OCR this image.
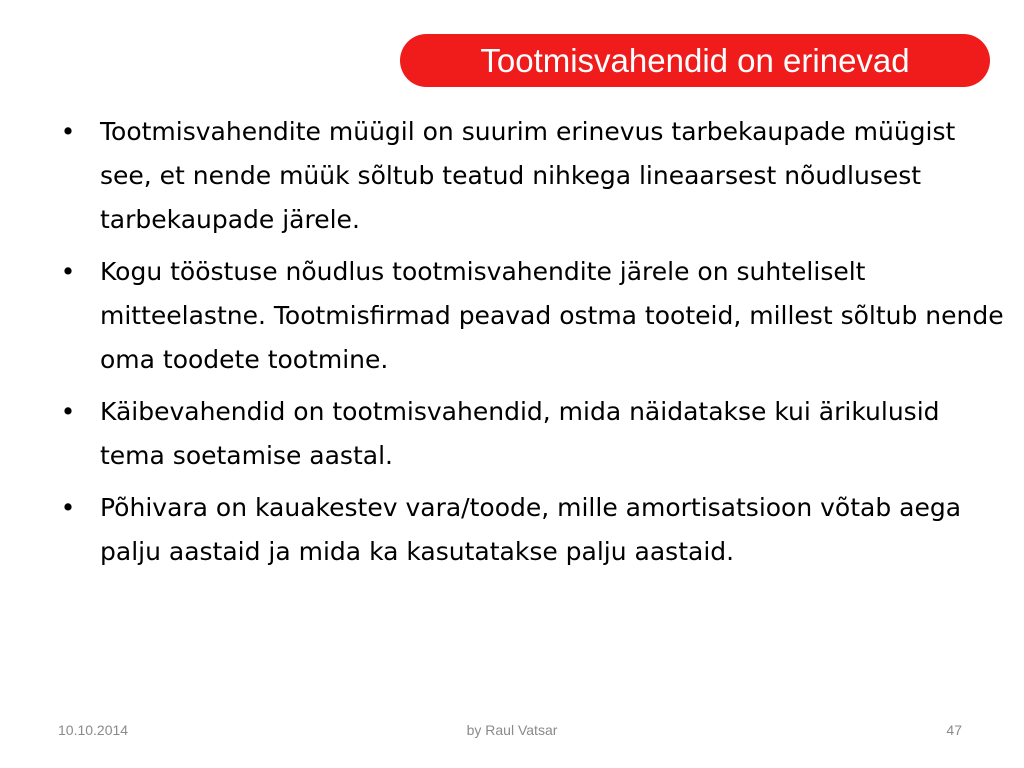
Tootmisvahendid on erinevad
• Tootmisvahendite müügil on suurim erinevus tarbekaupade müügist see, et nende müük sõltub teatud nihkega lineaarsest nõudlusest tarbekaupade järele.
• Kogu tööstuse nõudlus tootmisvahendite järele on suhteliselt mitteelastne. Tootmisfirmad peavad ostma tooteid, millest sõltub nende oma toodete tootmine.
• Käibevahendid on tootmisvahendid, mida näidatakse kui ärikulusid tema soetamise aastal.
• Põhivara on kauakestev vara/toode, mille amortisatsioon võtab aega palju aastaid ja mida ka kasutatakse palju aastaid.
10.10.2014	by Raul Vatsar	47
